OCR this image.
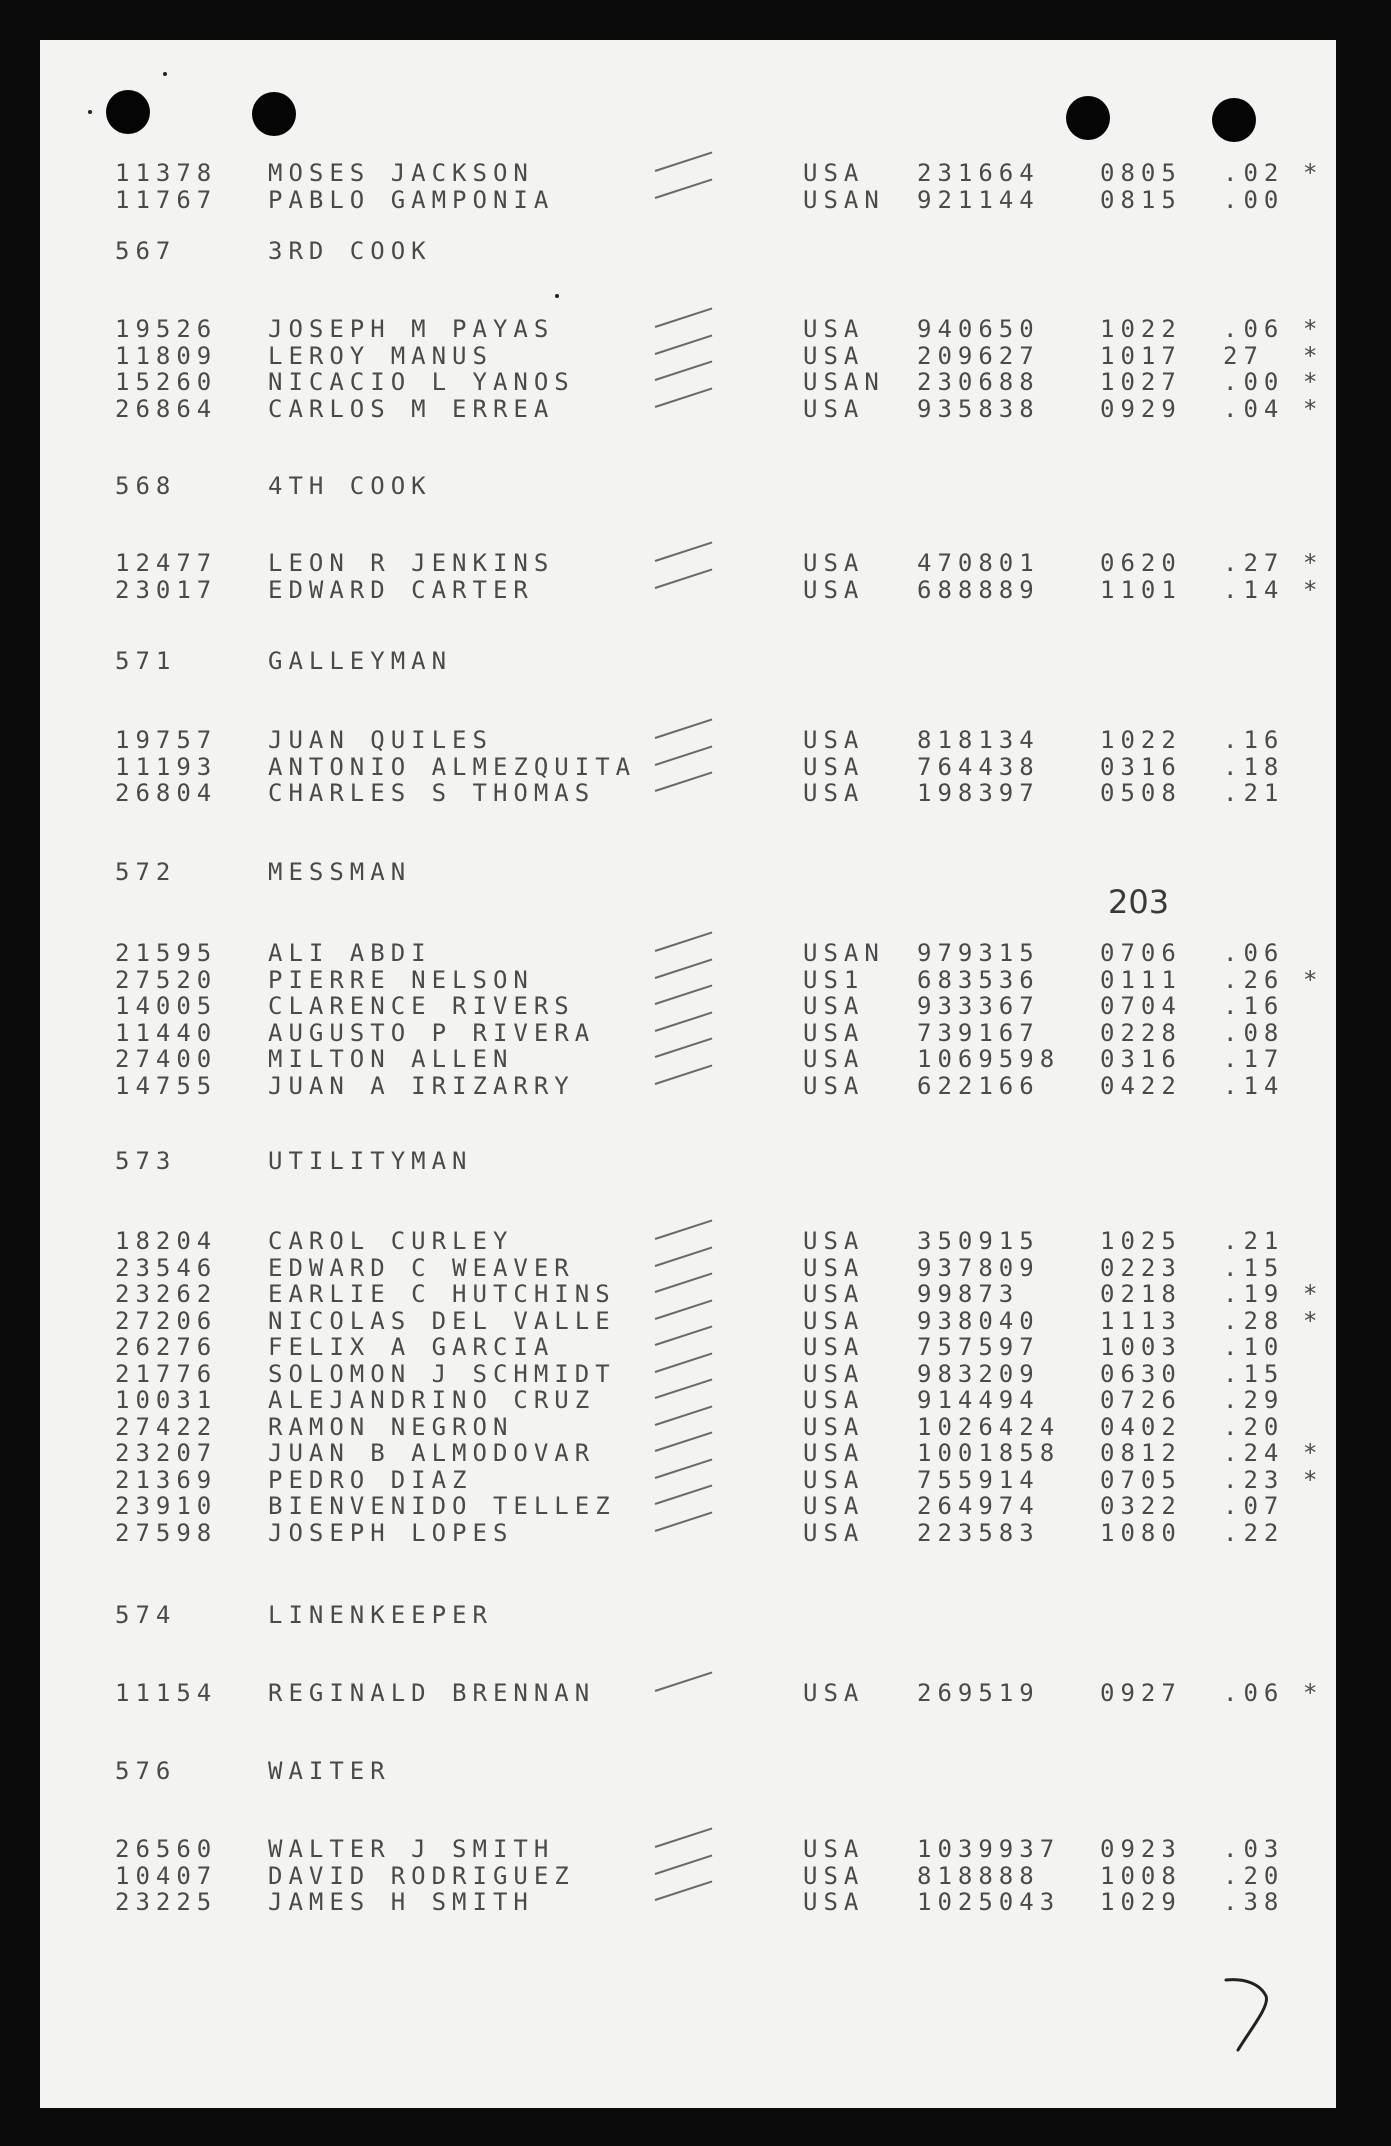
203
11378 MOSES JACKSON	USA 231664	0805 .02 *
11767 PABLO GAMPONIA	USAN 921144	0815 .00
567	3RD COOK
19526 JOSEPH M PAYAS	USA 940650	1022 .06 *
11809 LEROY MANUS	USA 209627	1017 27 *
15260 NICACIO L YANOS	USAN 230688	1027 .00 *
26864 CARLOS M ERREA	USA 935838	0929 .04 *
568	4TH COOK
12477 LEON R JENKINS	USA 470801	0620 .27 *
23017 EDWARD CARTER	USA 688889	1101 .14 *
571	GALLEYMAN
19757 JUAN QUILES	USA 818134	1022 .16
11193 ANTONIO ALMEZQUITA	USA 764438	0316 .18
26804 CHARLES S THOMAS	USA 198397	0508 .21
572	MESSMAN
21595 ALI ABDI	USAN 979315	0706 .06
27520 PIERRE NELSON	US1 683536	0111 .26 *
14005 CLARENCE RIVERS	USA 933367	0704 .16
11440 AUGUSTO P RIVERA	USA 739167	0228 .08
27400 MILTON ALLEN	USA 1069598 0316 .17
14755 JUAN A IRIZARRY	USA 622166	0422 .14
573	UTILITYMAN
18204 CAROL CURLEY	USA 350915	1025 .21
23546 EDWARD C WEAVER	USA 937809	0223 .15
23262 EARLIE C HUTCHINS	USA 99873	0218 .19 *
27206 NICOLAS DEL VALLE	USA 938040	1113 .28 *
26276 FELIX A GARCIA	USA 757597	1003 .10
21776 SOLOMON J SCHMIDT	USA 983209	0630 .15
10031 ALEJANDRINO CRUZ	USA 914494	0726 .29
27422 RAMON NEGRON	USA 1026424 0402 .20
23207 JUAN B ALMODOVAR	USA 1001858 0812 .24 *
21369 PEDRO DIAZ	USA 755914	0705 .23 *
23910 BIENVENIDO TELLEZ	USA 264974	0322 .07
27598 JOSEPH LOPES	USA 223583	1080 .22
574	LINENKEEPER
11154 REGINALD BRENNAN	USA 269519	0927 .06 *
576	WAITER
26560 WALTER J SMITH	USA 1039937 0923 .03
10407 DAVID RODRIGUEZ	USA 818888	1008 .20
23225 JAMES H SMITH	USA 1025043 1029 .38
